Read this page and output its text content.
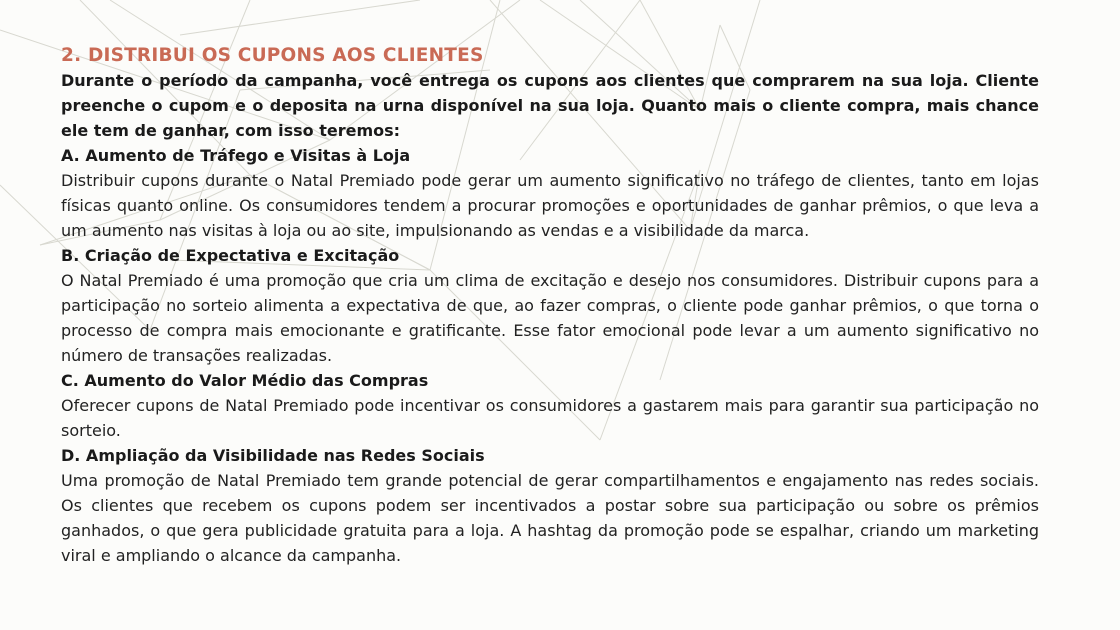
2. DISTRIBUI OS CUPONS AOS CLIENTES

Durante o período da campanha, você entrega os cupons aos clientes que comprarem na sua loja. Cliente preenche o cupom e o deposita na urna disponível na sua loja. Quanto mais o cliente compra, mais chance ele tem de ganhar, com isso teremos:

A. Aumento de Tráfego e Visitas à Loja

Distribuir cupons durante o Natal Premiado pode gerar um aumento significativo no tráfego de clientes, tanto em lojas físicas quanto online. Os consumidores tendem a procurar promoções e oportunidades de ganhar prêmios, o que leva a um aumento nas visitas à loja ou ao site, impulsionando as vendas e a visibilidade da marca.

B. Criação de Expectativa e Excitação

O Natal Premiado é uma promoção que cria um clima de excitação e desejo nos consumidores. Distribuir cupons para a participação no sorteio alimenta a expectativa de que, ao fazer compras, o cliente pode ganhar prêmios, o que torna o processo de compra mais emocionante e gratificante. Esse fator emocional pode levar a um aumento significativo no número de transações realizadas.

C. Aumento do Valor Médio das Compras

Oferecer cupons de Natal Premiado pode incentivar os consumidores a gastarem mais para garantir sua participação no sorteio.

D. Ampliação da Visibilidade nas Redes Sociais

Uma promoção de Natal Premiado tem grande potencial de gerar compartilhamentos e engajamento nas redes sociais. Os clientes que recebem os cupons podem ser incentivados a postar sobre sua participação ou sobre os prêmios ganhados, o que gera publicidade gratuita para a loja. A hashtag da promoção pode se espalhar, criando um marketing viral e ampliando o alcance da campanha.
